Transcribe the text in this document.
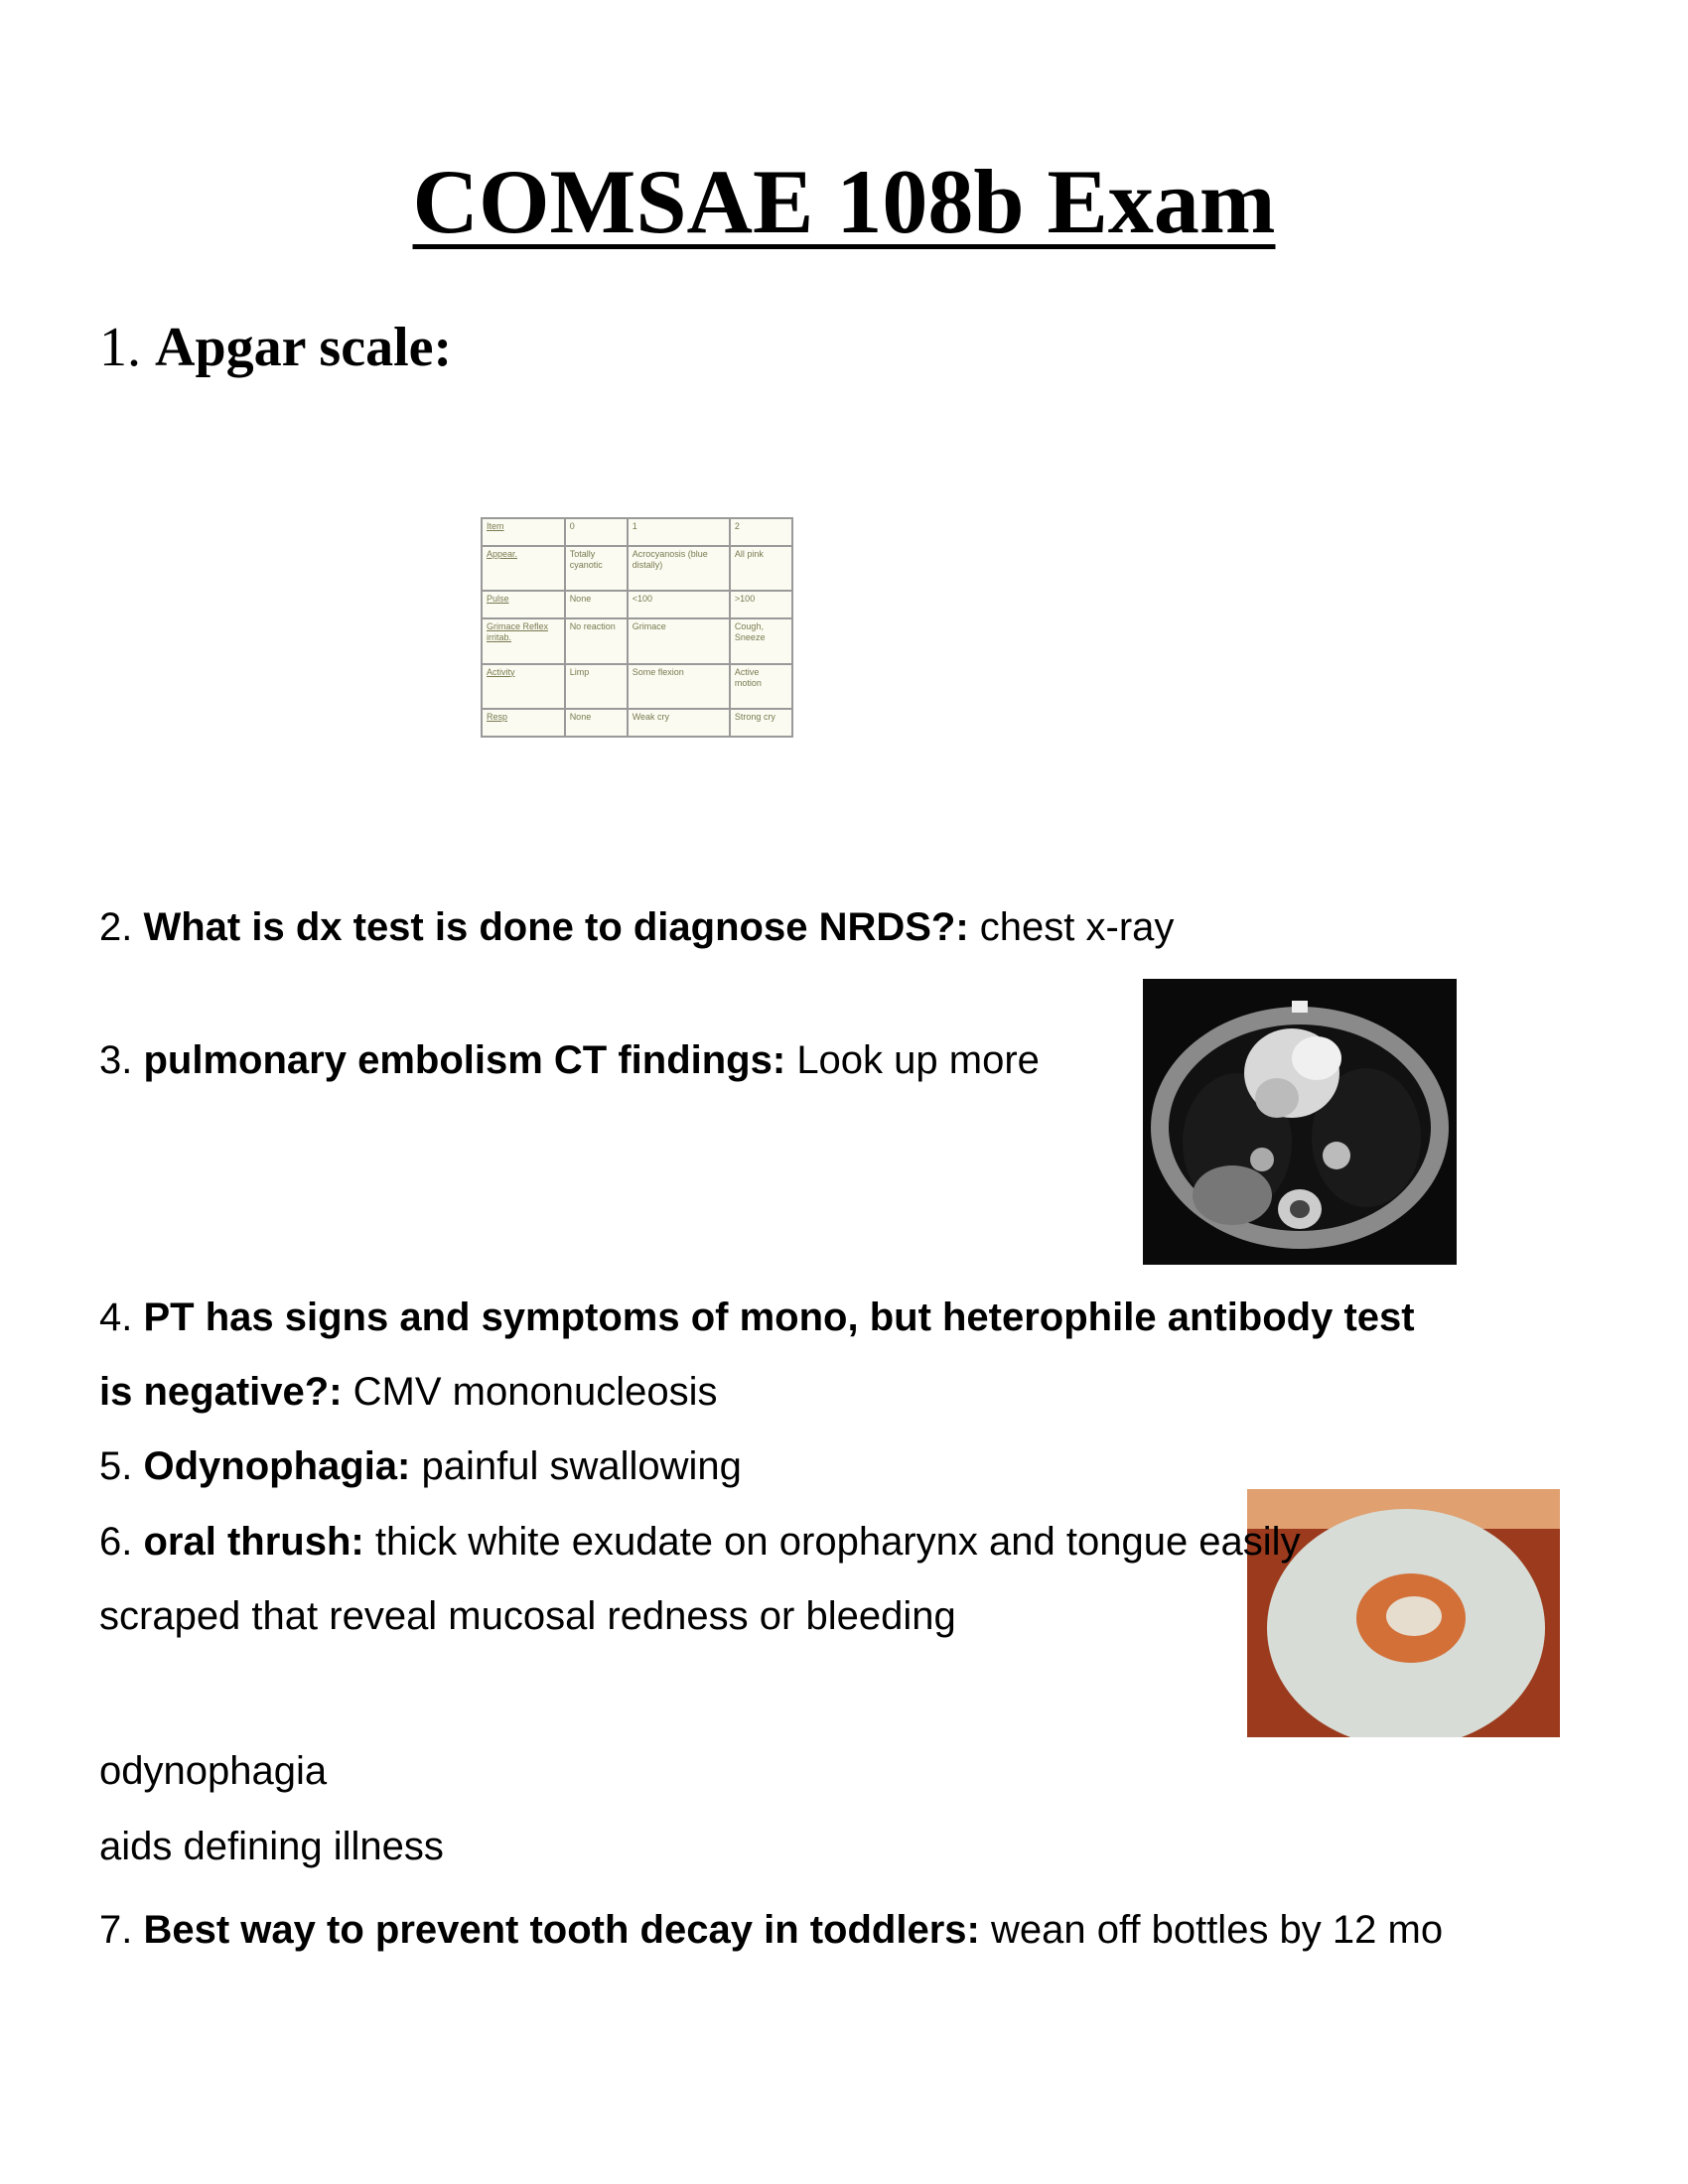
COMSAE 108b Exam
1. Apgar scale:
Item	0	1	2
Appear.	Totally cyanotic	Acrocyanosis (blue distally)	All pink
Pulse	None	<100	>100
Grimace Reflex irritab.	No reaction	Grimace	Cough, Sneeze
Activity	Limp	Some flexion	Active motion
Resp	None	Weak cry	Strong cry
2. What is dx test is done to diagnose NRDS?: chest x-ray
3. pulmonary embolism CT findings: Look up more
4. PT has signs and symptoms of mono, but heterophile antibody test
is negative?: CMV mononucleosis
5. Odynophagia: painful swallowing
6. oral thrush: thick white exudate on oropharynx and tongue easily
scraped that reveal mucosal redness or bleeding
odynophagia
aids defining illness
7. Best way to prevent tooth decay in toddlers: wean off bottles by 12 mo
